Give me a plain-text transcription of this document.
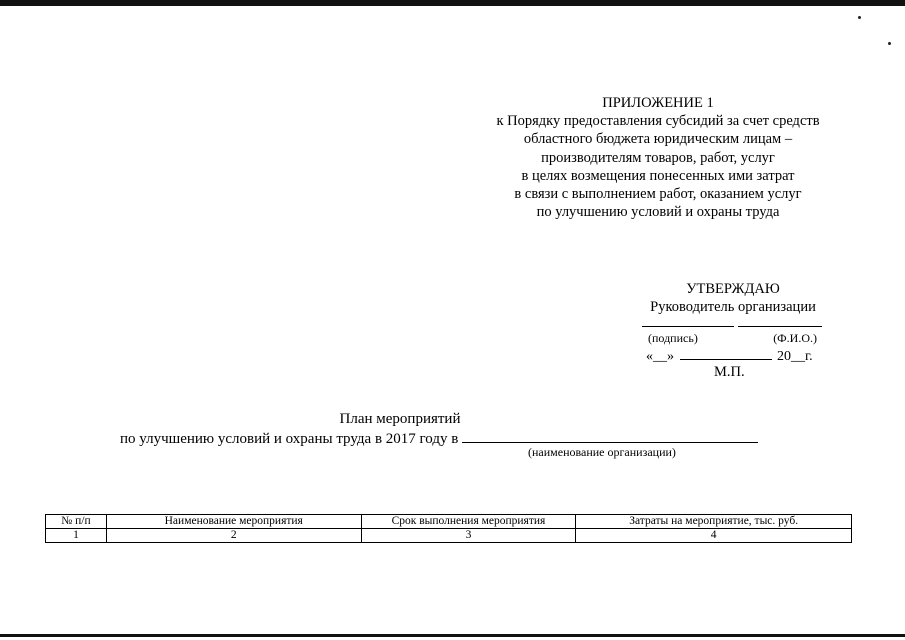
ПРИЛОЖЕНИЕ 1
к Порядку предоставления субсидий за счет средств
областного бюджета юридическим лицам –
производителям товаров, работ, услуг
в целях возмещения понесенных ими затрат
в связи с выполнением работ, оказанием услуг
по улучшению условий и охраны труда
УТВЕРЖДАЮ
Руководитель организации
(подпись)	(Ф.И.О.)
«__»	20__г.
М.П.
План мероприятий
по улучшению условий и охраны труда в 2017 году в
(наименование организации)
№ п/п	Наименование мероприятия	Срок выполнения мероприятия	Затраты на мероприятие, тыс. руб.
1	2	3	4
